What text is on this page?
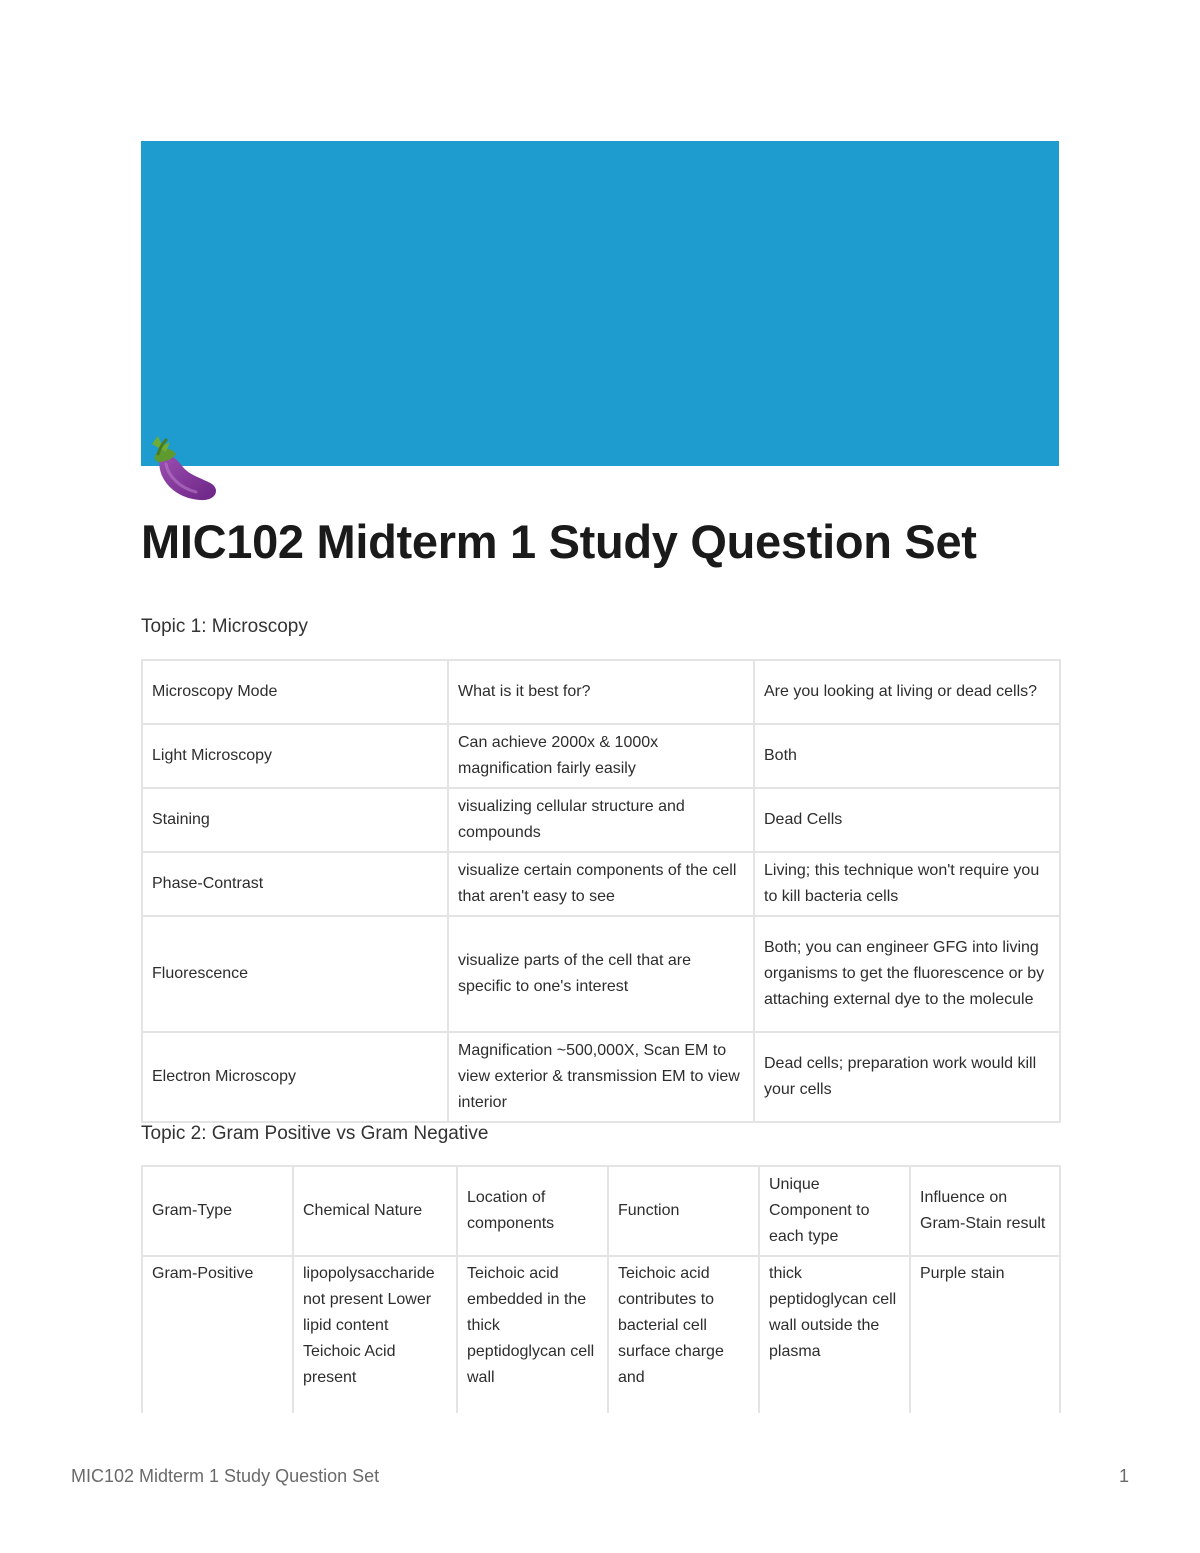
MIC102 Midterm 1 Study Question Set
Topic 1: Microscopy
Microscopy Mode	What is it best for?	Are you looking at living or dead cells?
Light Microscopy	Can achieve 2000x & 1000x magnification fairly easily	Both
Staining	visualizing cellular structure and compounds	Dead Cells
Phase-Contrast	visualize certain components of the cell that aren't easy to see	Living; this technique won't require you to kill bacteria cells
Fluorescence	visualize parts of the cell that are specific to one's interest	Both; you can engineer GFG into living organisms to get the fluorescence or by attaching external dye to the molecule
Electron Microscopy	Magnification ~500,000X, Scan EM to view exterior & transmission EM to view interior	Dead cells; preparation work would kill your cells
Topic 2: Gram Positive vs Gram Negative
Gram-Type	Chemical Nature	Location of components	Function	Unique Component to each type	Influence on Gram-Stain result
Gram-Positive	lipopolysaccharide not present Lower lipid content Teichoic Acid present	Teichoic acid embedded in the thick peptidoglycan cell wall	Teichoic acid contributes to bacterial cell surface charge and	thick peptidoglycan cell wall outside the plasma	Purple stain
MIC102 Midterm 1 Study Question Set	1
